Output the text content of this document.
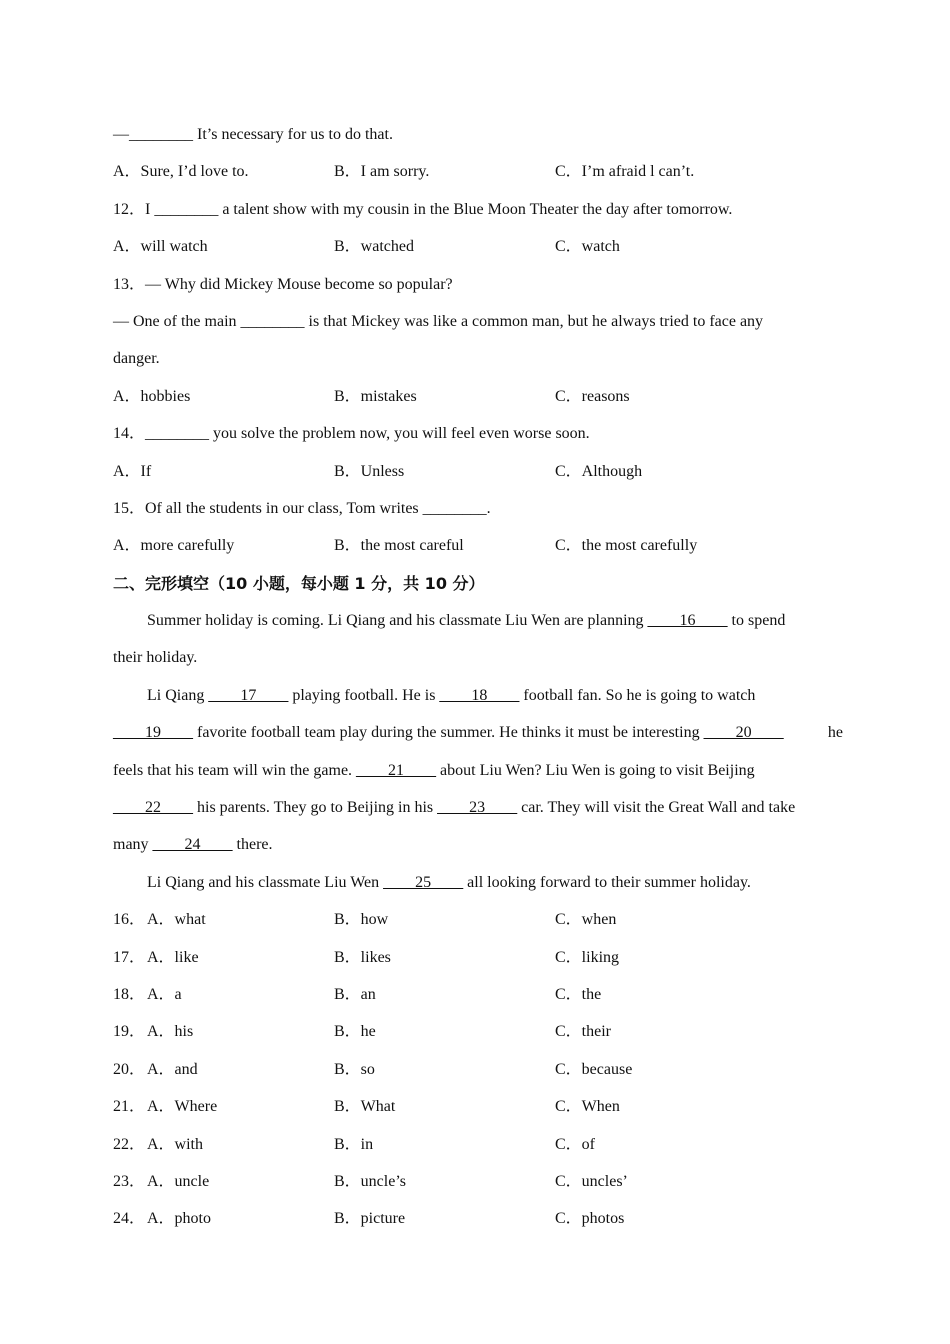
—________ It’s necessary for us to do that.
A．Sure, I’d love to.	B．I am sorry.	C．I’m afraid l can’t.
12．I ________ a talent show with my cousin in the Blue Moon Theater the day after tomorrow.
A．will watch	B．watched	C．watch
13．— Why did Mickey Mouse become so popular?
— One of the main ________ is that Mickey was like a common man, but he always tried to face any
danger.
A．hobbies	B．mistakes	C．reasons
14．________ you solve the problem now, you will feel even worse soon.
A．If	B．Unless	C．Although
15．Of all the students in our class, Tom writes ________.
A．more carefully	B．the most careful	C．the most carefully
二、完形填空（10 小题，每小题 1 分，共 10 分）
Summer holiday is coming. Li Qiang and his classmate Liu Wen are planning ____16____ to spend
their holiday.
Li Qiang ____17____ playing football. He is ____18____ football fan. So he is going to watch
____19____ favorite football team play during the summer. He thinks it must be interesting ____20____	he
feels that his team will win the game. ____21____ about Liu Wen? Liu Wen is going to visit Beijing
____22____ his parents. They go to Beijing in his ____23____ car. They will visit the Great Wall and take
many ____24____ there.
Li Qiang and his classmate Liu Wen ____25____ all looking forward to their summer holiday.
16． A．what	B．how	C．when
17． A．like	B．likes	C．liking
18． A．a	B．an	C．the
19． A．his	B．he	C．their
20． A．and	B．so	C．because
21． A．Where	B．What	C．When
22． A．with	B．in	C．of
23． A．uncle	B．uncle’s	C．uncles’
24． A．photo	B．picture	C．photos
